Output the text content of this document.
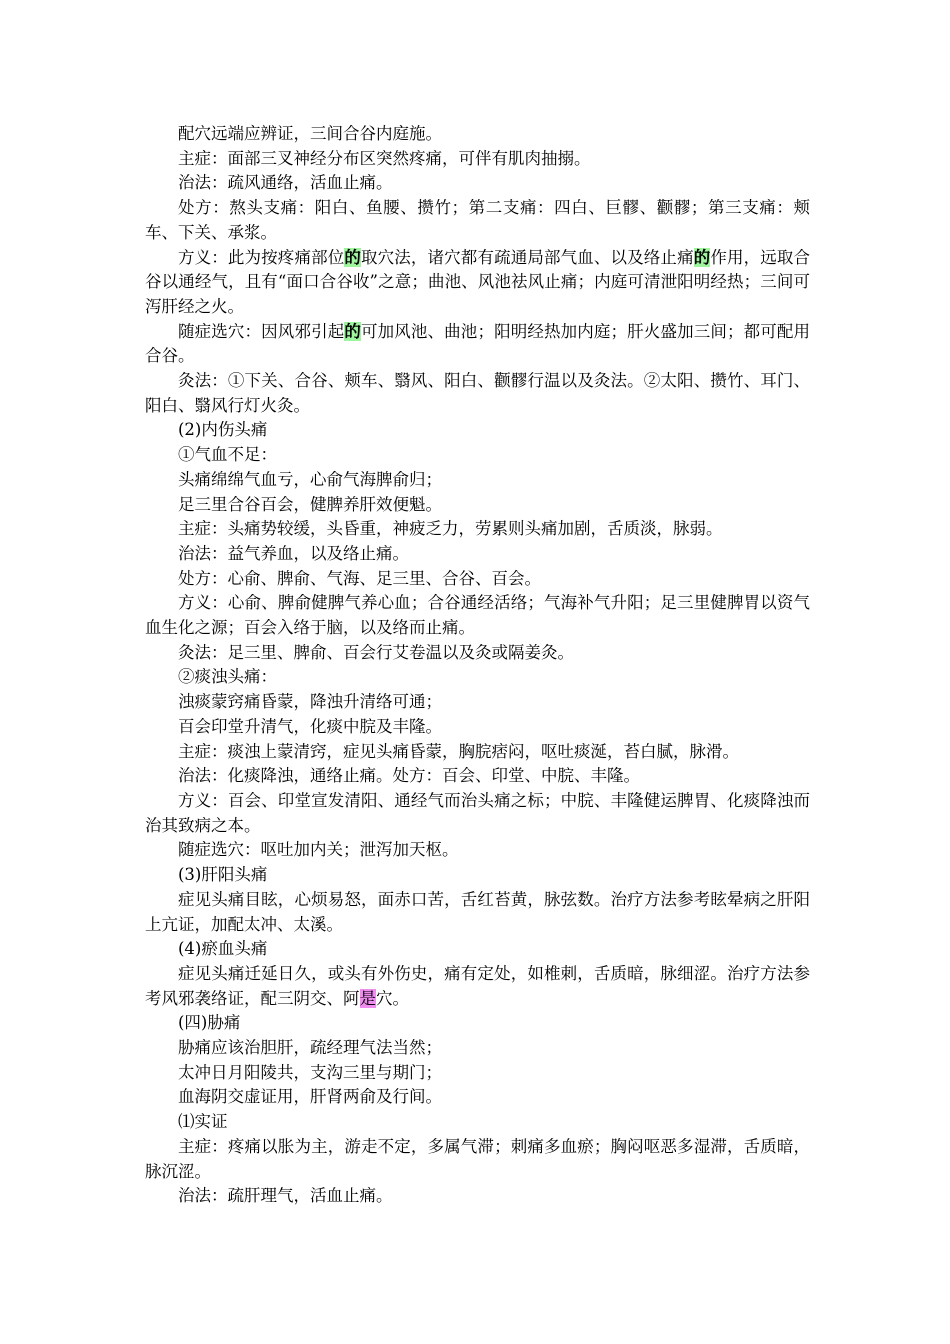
配穴远端应辨证，三间合谷内庭施。

主症：面部三叉神经分布区突然疼痛，可伴有肌肉抽搦。

治法：疏风通络，活血止痛。

处方：熬头支痛：阳白、鱼腰、攒竹；第二支痛：四白、巨髎、颧髎；第三支痛：颊车、下关、承浆。

方义：此为按疼痛部位的取穴法，诸穴都有疏通局部气血、以及络止痛的作用，远取合谷以通经气，且有“面口合谷收”之意；曲池、风池祛风止痛；内庭可清泄阳明经热；三间可泻肝经之火。

随症选穴：因风邪引起的可加风池、曲池；阳明经热加内庭；肝火盛加三间；都可配用合谷。

灸法：①下关、合谷、颊车、翳风、阳白、颧髎行温以及灸法。②太阳、攒竹、耳门、阳白、翳风行灯火灸。

(2)内伤头痛

①气血不足：

头痛绵绵气血亏，心俞气海脾俞归；

足三里合谷百会，健脾养肝效便魁。

主症：头痛势较缓，头昏重，神疲乏力，劳累则头痛加剧，舌质淡，脉弱。

治法：益气养血，以及络止痛。

处方：心俞、脾俞、气海、足三里、合谷、百会。

方义：心俞、脾俞健脾气养心血；合谷通经活络；气海补气升阳；足三里健脾胃以资气血生化之源；百会入络于脑，以及络而止痛。

灸法：足三里、脾俞、百会行艾卷温以及灸或隔姜灸。

②痰浊头痛：

浊痰蒙窍痛昏蒙，降浊升清络可通；

百会印堂升清气，化痰中脘及丰隆。

主症：痰浊上蒙清窍，症见头痛昏蒙，胸脘痞闷，呕吐痰涎，苔白腻，脉滑。

治法：化痰降浊，通络止痛。处方：百会、印堂、中脘、丰隆。

方义：百会、印堂宣发清阳、通经气而治头痛之标；中脘、丰隆健运脾胃、化痰降浊而治其致病之本。

随症选穴：呕吐加内关；泄泻加天枢。

(3)肝阳头痛

症见头痛目眩，心烦易怒，面赤口苦，舌红苔黄，脉弦数。治疗方法参考眩晕病之肝阳上亢证，加配太冲、太溪。

(4)瘀血头痛

症见头痛迁延日久，或头有外伤史，痛有定处，如椎刺，舌质暗，脉细涩。治疗方法参考风邪袭络证，配三阴交、阿是穴。

(四)胁痛

胁痛应该治胆肝，疏经理气法当然；

太冲日月阳陵共，支沟三里与期门；

血海阴交虚证用，肝肾两俞及行间。

⑴实证

主症：疼痛以胀为主，游走不定，多属气滞；刺痛多血瘀；胸闷呕恶多湿滞，舌质暗，脉沉涩。

治法：疏肝理气，活血止痛。
